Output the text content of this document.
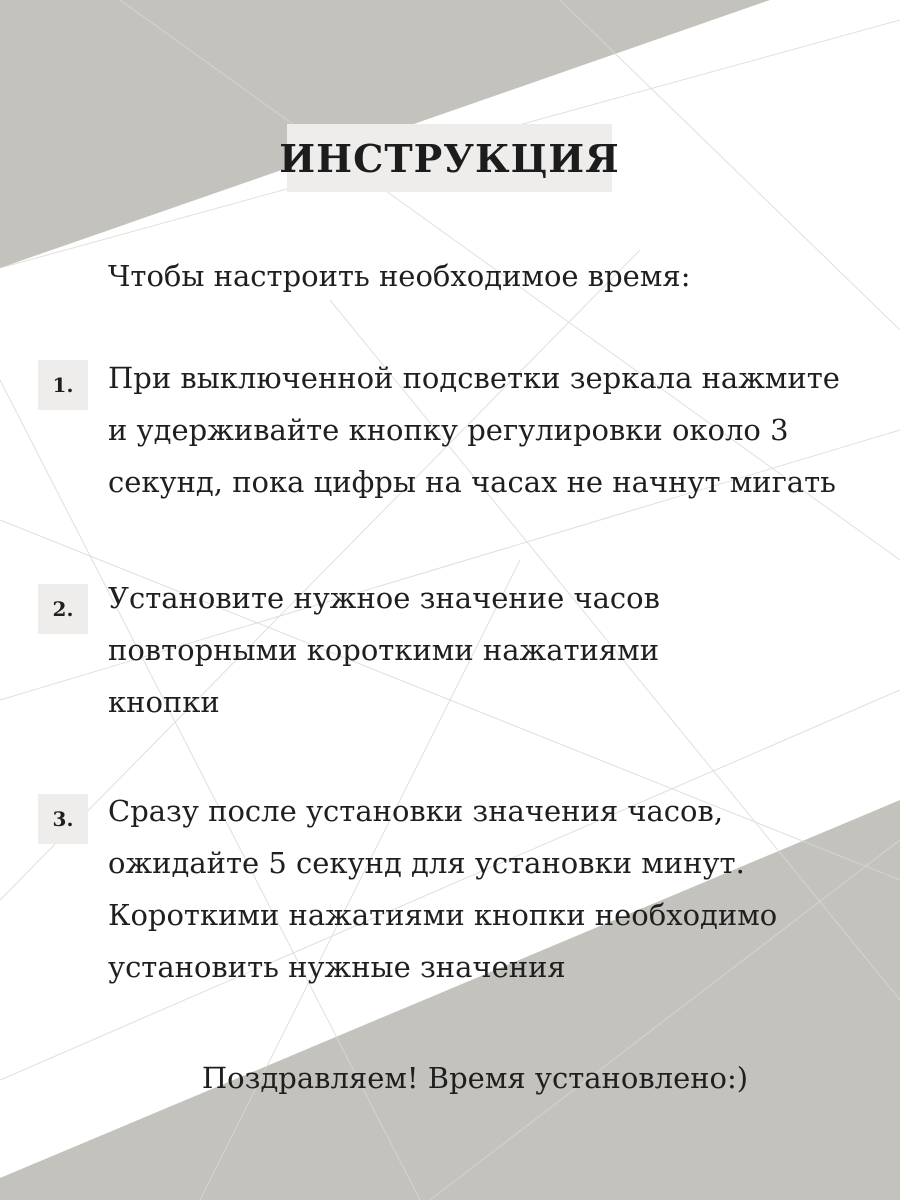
ИНСТРУКЦИЯ
Чтобы настроить необходимое время:
1.	При выключенной подсветки зеркала нажмите
и удерживайте кнопку регулировки около 3
секунд, пока цифры на часах не начнут мигать
2.	Установите нужное значение часов
повторными короткими нажатиями
кнопки
3.	Сразу после установки значения часов,
ожидайте 5 секунд для установки минут.
Короткими нажатиями кнопки необходимо
установить нужные значения
Поздравляем! Время установлено:)
